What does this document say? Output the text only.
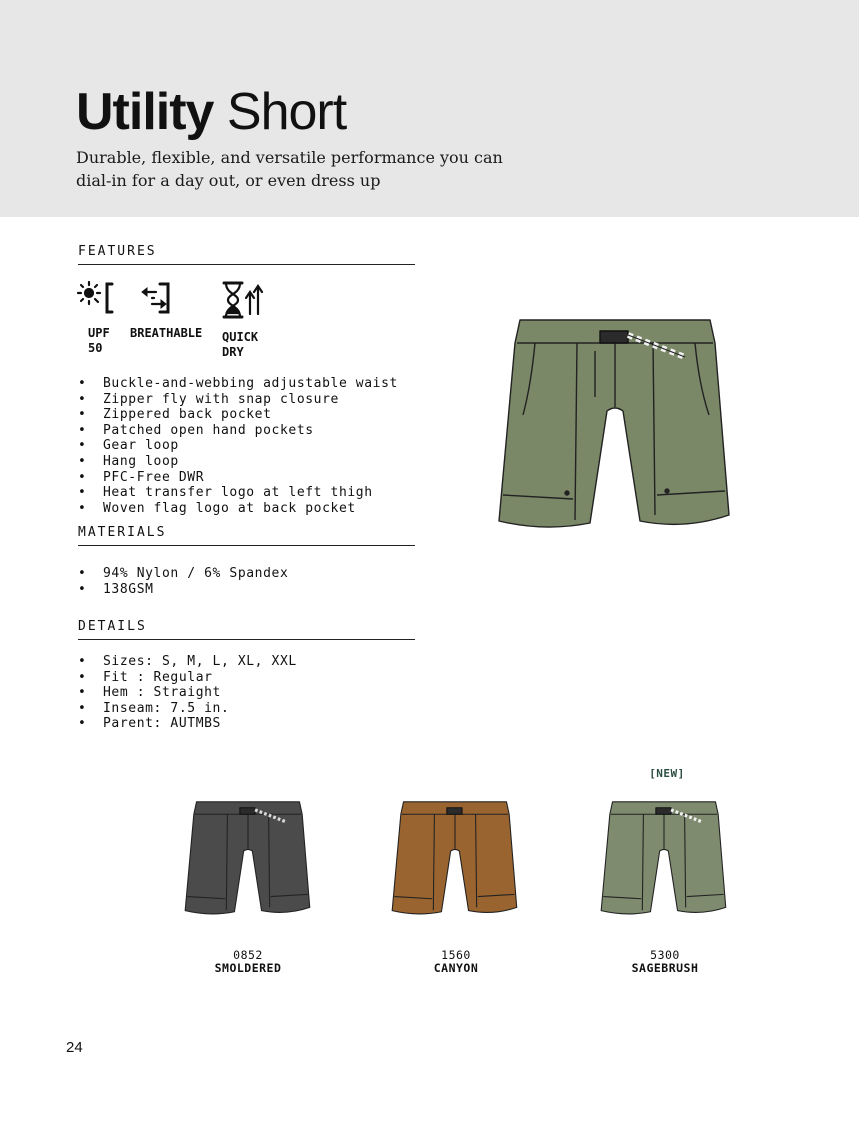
Utility Short
Durable, flexible, and versatile performance you can dial-in for a day out, or even dress up
FEATURES
UPF
50
BREATHABLE QUICK
DRY
• Buckle-and-webbing adjustable waist
• Zipper fly with snap closure
• Zippered back pocket
• Patched open hand pockets
• Gear loop
• Hang loop
• PFC-Free DWR
• Heat transfer logo at left thigh
• Woven flag logo at back pocket
MATERIALS
• 94% Nylon / 6% Spandex
• 138GSM
DETAILS
• Sizes: S, M, L, XL, XXL
• Fit : Regular
• Hem : Straight
• Inseam: 7.5 in.
• Parent: AUTMBS
[NEW]
0852
SMOLDERED
1560
CANYON
5300
SAGEBRUSH
24
